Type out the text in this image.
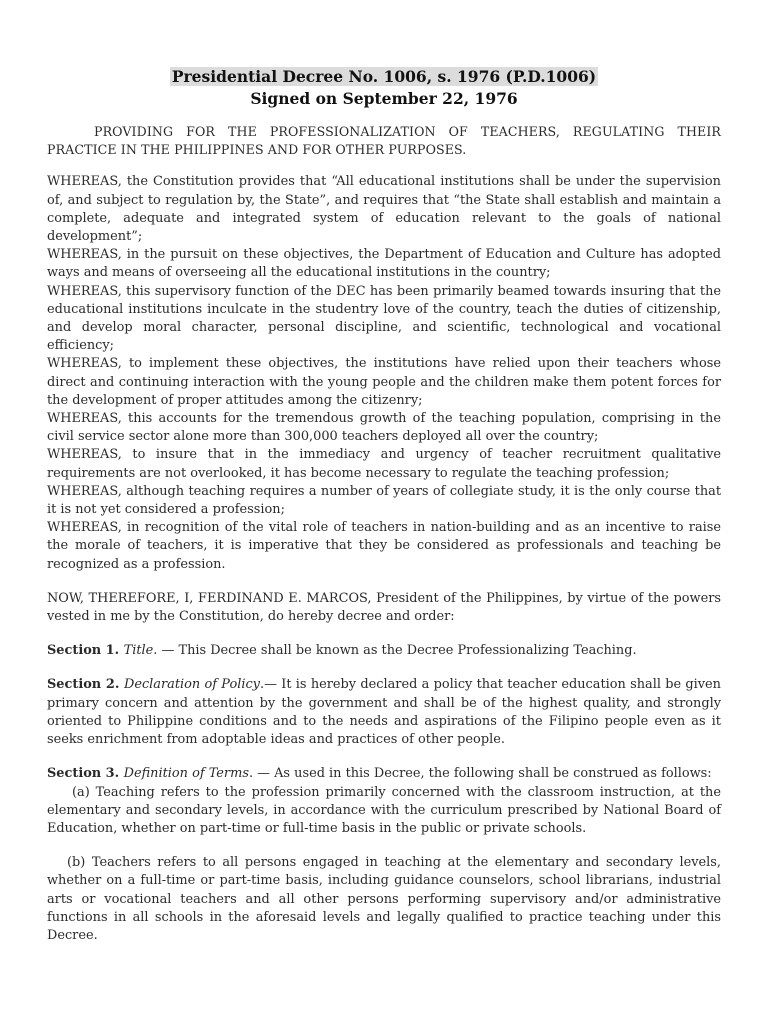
Presidential Decree No. 1006, s. 1976 (P.D.1006)
Signed on September 22, 1976

PROVIDING FOR THE PROFESSIONALIZATION OF TEACHERS, REGULATING THEIR PRACTICE IN THE PHILIPPINES AND FOR OTHER PURPOSES.

WHEREAS, the Constitution provides that “All educational institutions shall be under the supervision of, and subject to regulation by, the State”, and requires that “the State shall establish and maintain a complete, adequate and integrated system of education relevant to the goals of national development”;

WHEREAS, in the pursuit on these objectives, the Department of Education and Culture has adopted ways and means of overseeing all the educational institutions in the country;

WHEREAS, this supervisory function of the DEC has been primarily beamed towards insuring that the educational institutions inculcate in the studentry love of the country, teach the duties of citizenship, and develop moral character, personal discipline, and scientific, technological and vocational efficiency;

WHEREAS, to implement these objectives, the institutions have relied upon their teachers whose direct and continuing interaction with the young people and the children make them potent forces for the development of proper attitudes among the citizenry;

WHEREAS, this accounts for the tremendous growth of the teaching population, comprising in the civil service sector alone more than 300,000 teachers deployed all over the country;

WHEREAS, to insure that in the immediacy and urgency of teacher recruitment qualitative requirements are not overlooked, it has become necessary to regulate the teaching profession;

WHEREAS, although teaching requires a number of years of collegiate study, it is the only course that it is not yet considered a profession;

WHEREAS, in recognition of the vital role of teachers in nation-building and as an incentive to raise the morale of teachers, it is imperative that they be considered as professionals and teaching be recognized as a profession.

NOW, THEREFORE, I, FERDINAND E. MARCOS, President of the Philippines, by virtue of the powers vested in me by the Constitution, do hereby decree and order:

Section 1. Title. — This Decree shall be known as the Decree Professionalizing Teaching.

Section 2. Declaration of Policy.— It is hereby declared a policy that teacher education shall be given primary concern and attention by the government and shall be of the highest quality, and strongly oriented to Philippine conditions and to the needs and aspirations of the Filipino people even as it seeks enrichment from adoptable ideas and practices of other people.

Section 3. Definition of Terms. — As used in this Decree, the following shall be construed as follows:

(a) Teaching refers to the profession primarily concerned with the classroom instruction, at the elementary and secondary levels, in accordance with the curriculum prescribed by National Board of Education, whether on part-time or full-time basis in the public or private schools.

(b) Teachers refers to all persons engaged in teaching at the elementary and secondary levels, whether on a full-time or part-time basis, including guidance counselors, school librarians, industrial arts or vocational teachers and all other persons performing supervisory and/or administrative functions in all schools in the aforesaid levels and legally qualified to practice teaching under this Decree.
